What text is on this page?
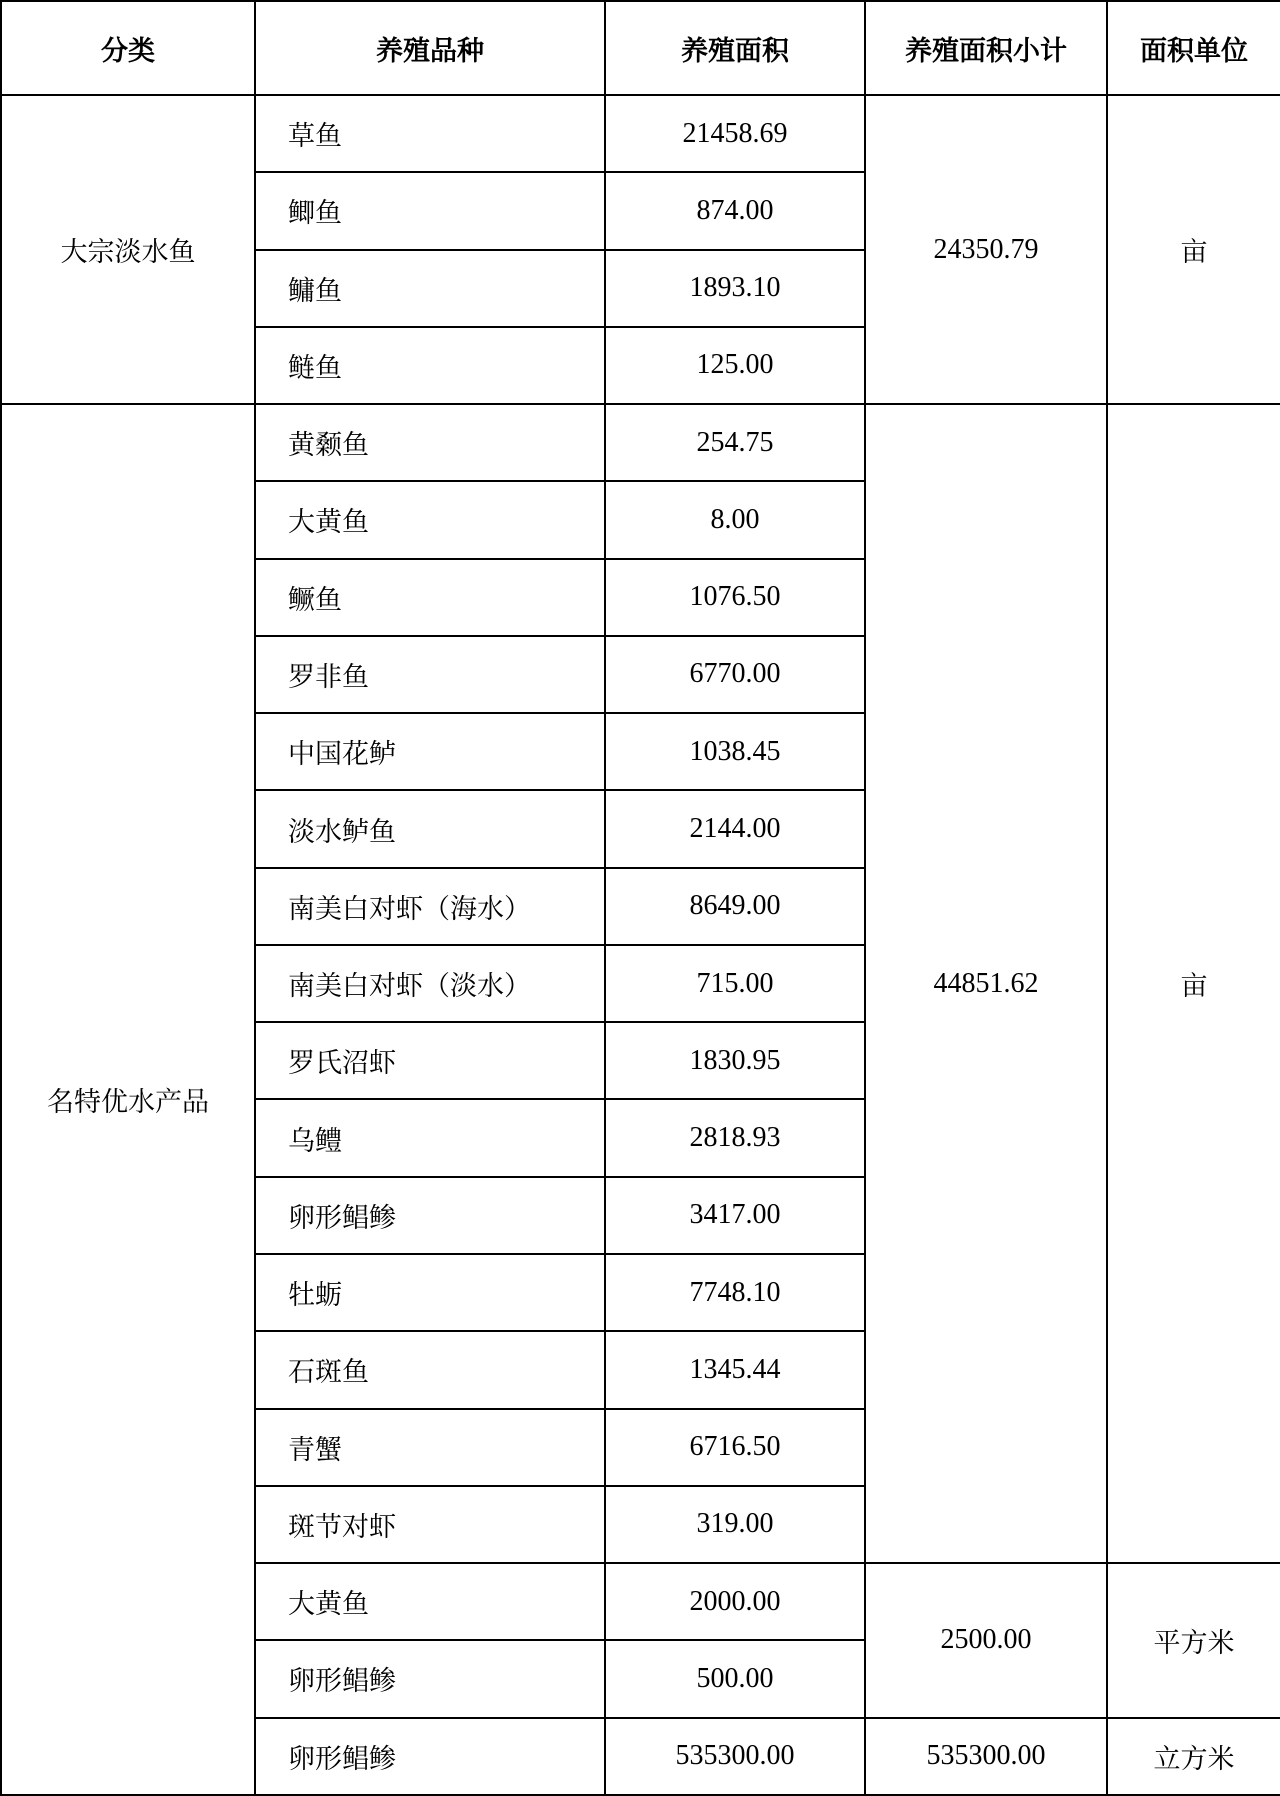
分类	养殖品种	养殖面积	养殖面积小计	面积单位
大宗淡水鱼	草鱼	21458.69	24350.79	亩
	鲫鱼	874.00		
	鳙鱼	1893.10		
	鲢鱼	125.00		
名特优水产品	黄颡鱼	254.75	44851.62	亩
	大黄鱼	8.00		
	鳜鱼	1076.50		
	罗非鱼	6770.00		
	中国花鲈	1038.45		
	淡水鲈鱼	2144.00		
	南美白对虾（海水）	8649.00		
	南美白对虾（淡水）	715.00		
	罗氏沼虾	1830.95		
	乌鳢	2818.93		
	卵形鲳鲹	3417.00		
	牡蛎	7748.10		
	石斑鱼	1345.44		
	青蟹	6716.50		
	斑节对虾	319.00		
	大黄鱼	2000.00	2500.00	平方米
	卵形鲳鲹	500.00		
	卵形鲳鲹	535300.00	535300.00	立方米
